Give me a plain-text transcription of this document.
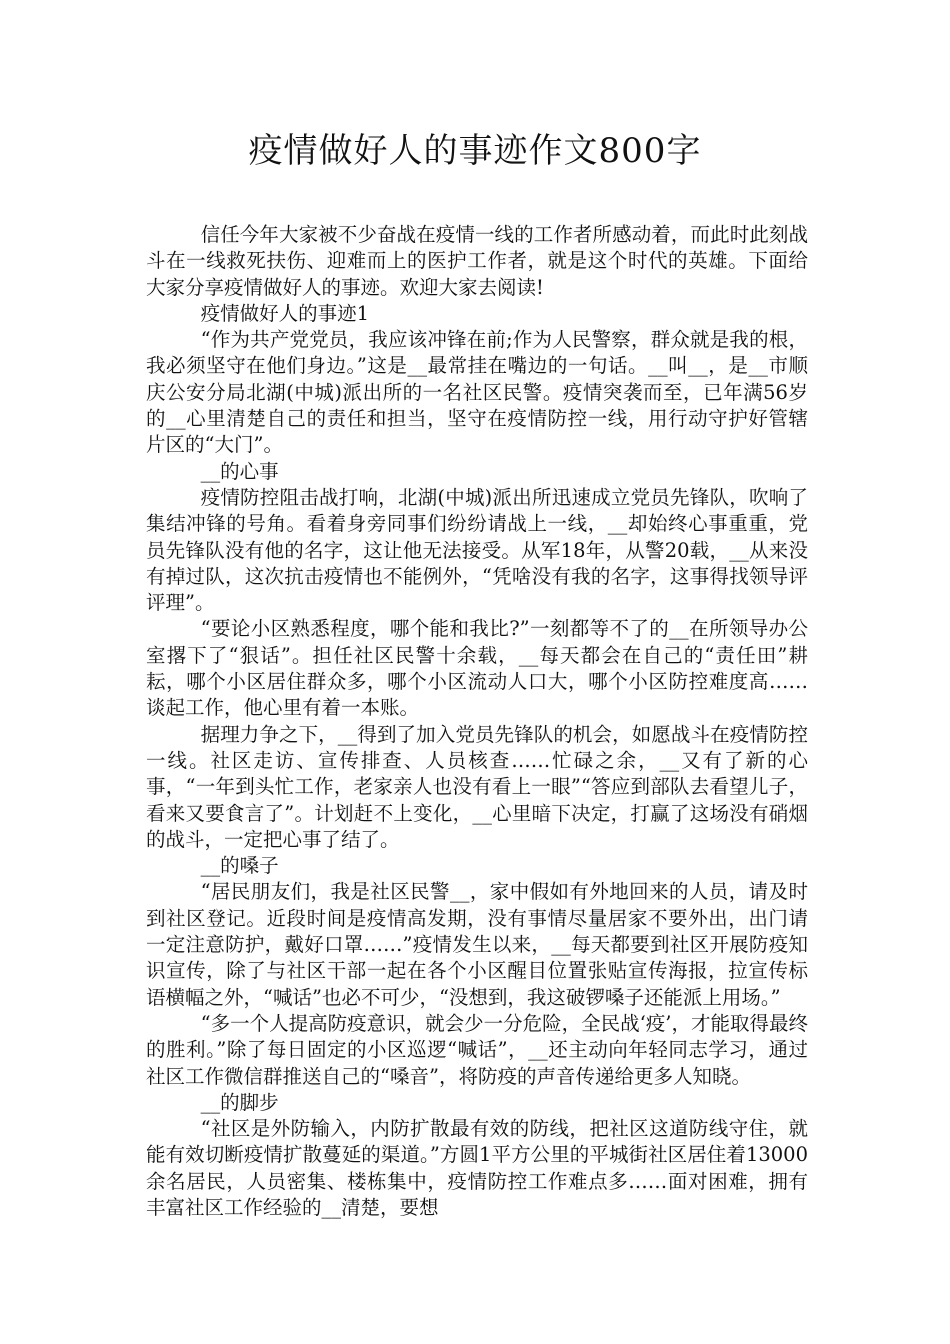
疫情做好人的事迹作文800字

信任今年大家被不少奋战在疫情一线的工作者所感动着，而此时此刻战斗在一线救死扶伤、迎难而上的医护工作者，就是这个时代的英雄。下面给大家分享疫情做好人的事迹。欢迎大家去阅读!

疫情做好人的事迹1

“作为共产党党员，我应该冲锋在前;作为人民警察，群众就是我的根，我必须坚守在他们身边。”这是__最常挂在嘴边的一句话。__叫__，是__市顺庆公安分局北湖(中城)派出所的一名社区民警。疫情突袭而至，已年满56岁的__心里清楚自己的责任和担当，坚守在疫情防控一线，用行动守护好管辖片区的“大门”。

__的心事

疫情防控阻击战打响，北湖(中城)派出所迅速成立党员先锋队，吹响了集结冲锋的号角。看着身旁同事们纷纷请战上一线，__却始终心事重重，党员先锋队没有他的名字，这让他无法接受。从军18年，从警20载，__从来没有掉过队，这次抗击疫情也不能例外，“凭啥没有我的名字，这事得找领导评评理”。

“要论小区熟悉程度，哪个能和我比?”一刻都等不了的__在所领导办公室撂下了“狠话”。担任社区民警十余载，__每天都会在自己的“责任田”耕耘，哪个小区居住群众多，哪个小区流动人口大，哪个小区防控难度高……谈起工作，他心里有着一本账。

据理力争之下，__得到了加入党员先锋队的机会，如愿战斗在疫情防控一线。社区走访、宣传排查、人员核查……忙碌之余，__又有了新的心事，“一年到头忙工作，老家亲人也没有看上一眼”“答应到部队去看望儿子，看来又要食言了”。计划赶不上变化，__心里暗下决定，打赢了这场没有硝烟的战斗，一定把心事了结了。

__的嗓子

“居民朋友们，我是社区民警__，家中假如有外地回来的人员，请及时到社区登记。近段时间是疫情高发期，没有事情尽量居家不要外出，出门请一定注意防护，戴好口罩……”疫情发生以来，__每天都要到社区开展防疫知识宣传，除了与社区干部一起在各个小区醒目位置张贴宣传海报，拉宣传标语横幅之外，“喊话”也必不可少，“没想到，我这破锣嗓子还能派上用场。”

“多一个人提高防疫意识，就会少一分危险，全民战‘疫’，才能取得最终的胜利。”除了每日固定的小区巡逻“喊话”，__还主动向年轻同志学习，通过社区工作微信群推送自己的“嗓音”，将防疫的声音传递给更多人知晓。

__的脚步

“社区是外防输入，内防扩散最有效的防线，把社区这道防线守住，就能有效切断疫情扩散蔓延的渠道。”方圆1平方公里的平城街社区居住着13000余名居民，人员密集、楼栋集中，疫情防控工作难点多……面对困难，拥有丰富社区工作经验的__清楚，要想
